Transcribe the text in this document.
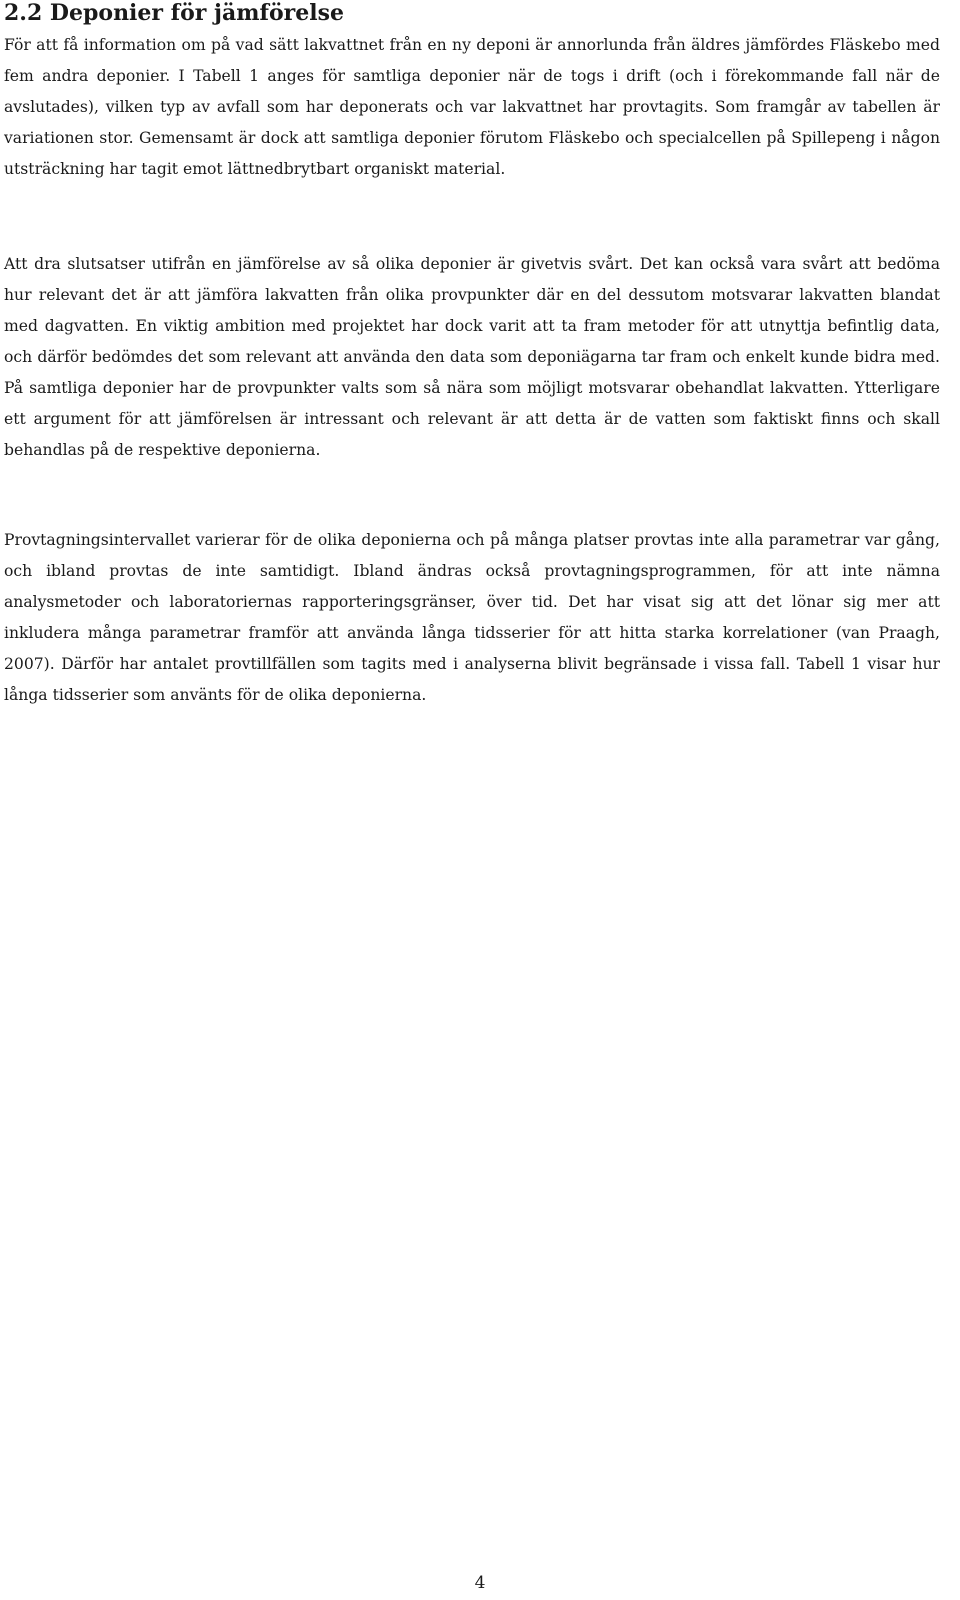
2.2 Deponier för jämförelse

För att få information om på vad sätt lakvattnet från en ny deponi är annorlunda från äldres jämfördes Fläskebo med fem andra deponier. I Tabell 1 anges för samtliga deponier när de togs i drift (och i förekommande fall när de avslutades), vilken typ av avfall som har deponerats och var lakvattnet har provtagits. Som framgår av tabellen är variationen stor. Gemensamt är dock att samtliga deponier förutom Fläskebo och specialcellen på Spillepeng i någon utsträckning har tagit emot lättnedbrytbart organiskt material.

Att dra slutsatser utifrån en jämförelse av så olika deponier är givetvis svårt. Det kan också vara svårt att bedöma hur relevant det är att jämföra lakvatten från olika provpunkter där en del dessutom motsvarar lakvatten blandat med dagvatten. En viktig ambition med projektet har dock varit att ta fram metoder för att utnyttja befintlig data, och därför bedömdes det som relevant att använda den data som deponiägarna tar fram och enkelt kunde bidra med. På samtliga deponier har de provpunkter valts som så nära som möjligt motsvarar obehandlat lakvatten. Ytterligare ett argument för att jämförelsen är intressant och relevant är att detta är de vatten som faktiskt finns och skall behandlas på de respektive deponierna.

Provtagningsintervallet varierar för de olika deponierna och på många platser provtas inte alla parametrar var gång, och ibland provtas de inte samtidigt. Ibland ändras också provtagningsprogrammen, för att inte nämna analysmetoder och laboratoriernas rapporteringsgränser, över tid. Det har visat sig att det lönar sig mer att inkludera många parametrar framför att använda långa tidsserier för att hitta starka korrelationer (van Praagh, 2007). Därför har antalet provtillfällen som tagits med i analyserna blivit begränsade i vissa fall. Tabell 1 visar hur långa tidsserier som använts för de olika deponierna.

4
